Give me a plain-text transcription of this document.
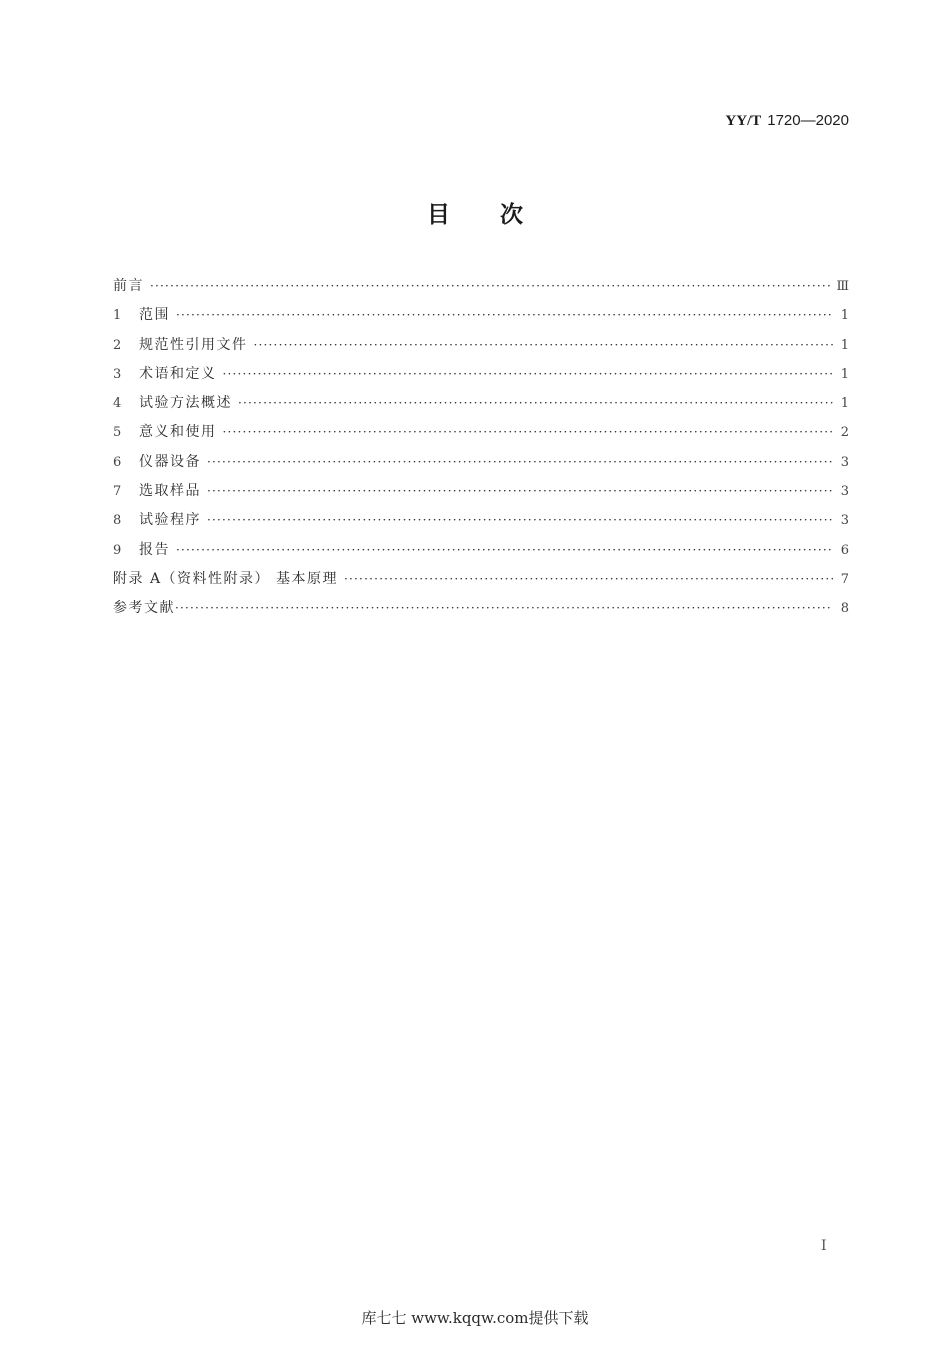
YY/T 1720—2020
目次
前言 ·····	Ⅲ
1	范围 ·····	1
2	规范性引用文件 ·····	1
3	术语和定义 ·····	1
4	试验方法概述 ·····	1
5	意义和使用 ·····	2
6	仪器设备 ·····	3
7	选取样品 ·····	3
8	试验程序 ·····	3
9	报告 ·····	6
附录 A（资料性附录） 基本原理 ·····	7
参考文献 ·····	8
Ⅰ
库七七 www.kqqw.com提供下载
